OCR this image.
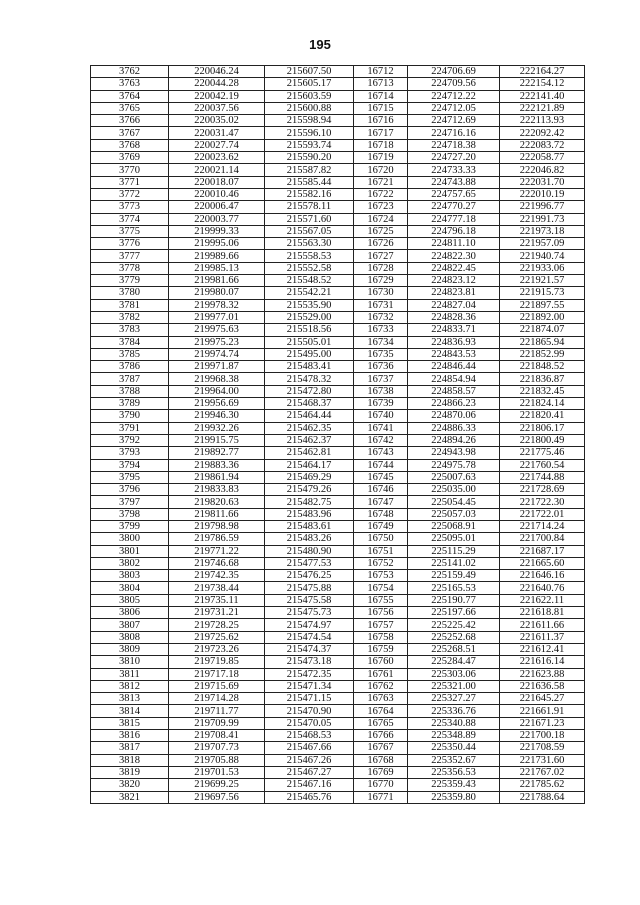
195
3762	220046.24	215607.50	16712	224706.69	222164.27
3763	220044.28	215605.17	16713	224709.56	222154.12
3764	220042.19	215603.59	16714	224712.22	222141.40
3765	220037.56	215600.88	16715	224712.05	222121.89
3766	220035.02	215598.94	16716	224712.69	222113.93
3767	220031.47	215596.10	16717	224716.16	222092.42
3768	220027.74	215593.74	16718	224718.38	222083.72
3769	220023.62	215590.20	16719	224727.20	222058.77
3770	220021.14	215587.82	16720	224733.33	222046.82
3771	220018.07	215585.44	16721	224743.88	222031.70
3772	220010.46	215582.16	16722	224757.65	222010.19
3773	220006.47	215578.11	16723	224770.27	221996.77
3774	220003.77	215571.60	16724	224777.18	221991.73
3775	219999.33	215567.05	16725	224796.18	221973.18
3776	219995.06	215563.30	16726	224811.10	221957.09
3777	219989.66	215558.53	16727	224822.30	221940.74
3778	219985.13	215552.58	16728	224822.45	221933.06
3779	219981.66	215548.52	16729	224823.12	221921.57
3780	219980.07	215542.21	16730	224823.81	221915.73
3781	219978.32	215535.90	16731	224827.04	221897.55
3782	219977.01	215529.00	16732	224828.36	221892.00
3783	219975.63	215518.56	16733	224833.71	221874.07
3784	219975.23	215505.01	16734	224836.93	221865.94
3785	219974.74	215495.00	16735	224843.53	221852.99
3786	219971.87	215483.41	16736	224846.44	221848.52
3787	219968.38	215478.32	16737	224854.94	221836.87
3788	219964.00	215472.80	16738	224858.57	221832.45
3789	219956.69	215468.37	16739	224866.23	221824.14
3790	219946.30	215464.44	16740	224870.06	221820.41
3791	219932.26	215462.35	16741	224886.33	221806.17
3792	219915.75	215462.37	16742	224894.26	221800.49
3793	219892.77	215462.81	16743	224943.98	221775.46
3794	219883.36	215464.17	16744	224975.78	221760.54
3795	219861.94	215469.29	16745	225007.63	221744.88
3796	219833.83	215479.26	16746	225035.00	221728.69
3797	219820.63	215482.75	16747	225054.45	221722.30
3798	219811.66	215483.96	16748	225057.03	221722.01
3799	219798.98	215483.61	16749	225068.91	221714.24
3800	219786.59	215483.26	16750	225095.01	221700.84
3801	219771.22	215480.90	16751	225115.29	221687.17
3802	219746.68	215477.53	16752	225141.02	221665.60
3803	219742.35	215476.25	16753	225159.49	221646.16
3804	219738.44	215475.88	16754	225165.53	221640.76
3805	219735.11	215475.58	16755	225190.77	221622.11
3806	219731.21	215475.73	16756	225197.66	221618.81
3807	219728.25	215474.97	16757	225225.42	221611.66
3808	219725.62	215474.54	16758	225252.68	221611.37
3809	219723.26	215474.37	16759	225268.51	221612.41
3810	219719.85	215473.18	16760	225284.47	221616.14
3811	219717.18	215472.35	16761	225303.06	221623.88
3812	219715.69	215471.34	16762	225321.00	221636.58
3813	219714.28	215471.15	16763	225327.27	221645.27
3814	219711.77	215470.90	16764	225336.76	221661.91
3815	219709.99	215470.05	16765	225340.88	221671.23
3816	219708.41	215468.53	16766	225348.89	221700.18
3817	219707.73	215467.66	16767	225350.44	221708.59
3818	219705.88	215467.26	16768	225352.67	221731.60
3819	219701.53	215467.27	16769	225356.53	221767.02
3820	219699.25	215467.16	16770	225359.43	221785.62
3821	219697.56	215465.76	16771	225359.80	221788.64
